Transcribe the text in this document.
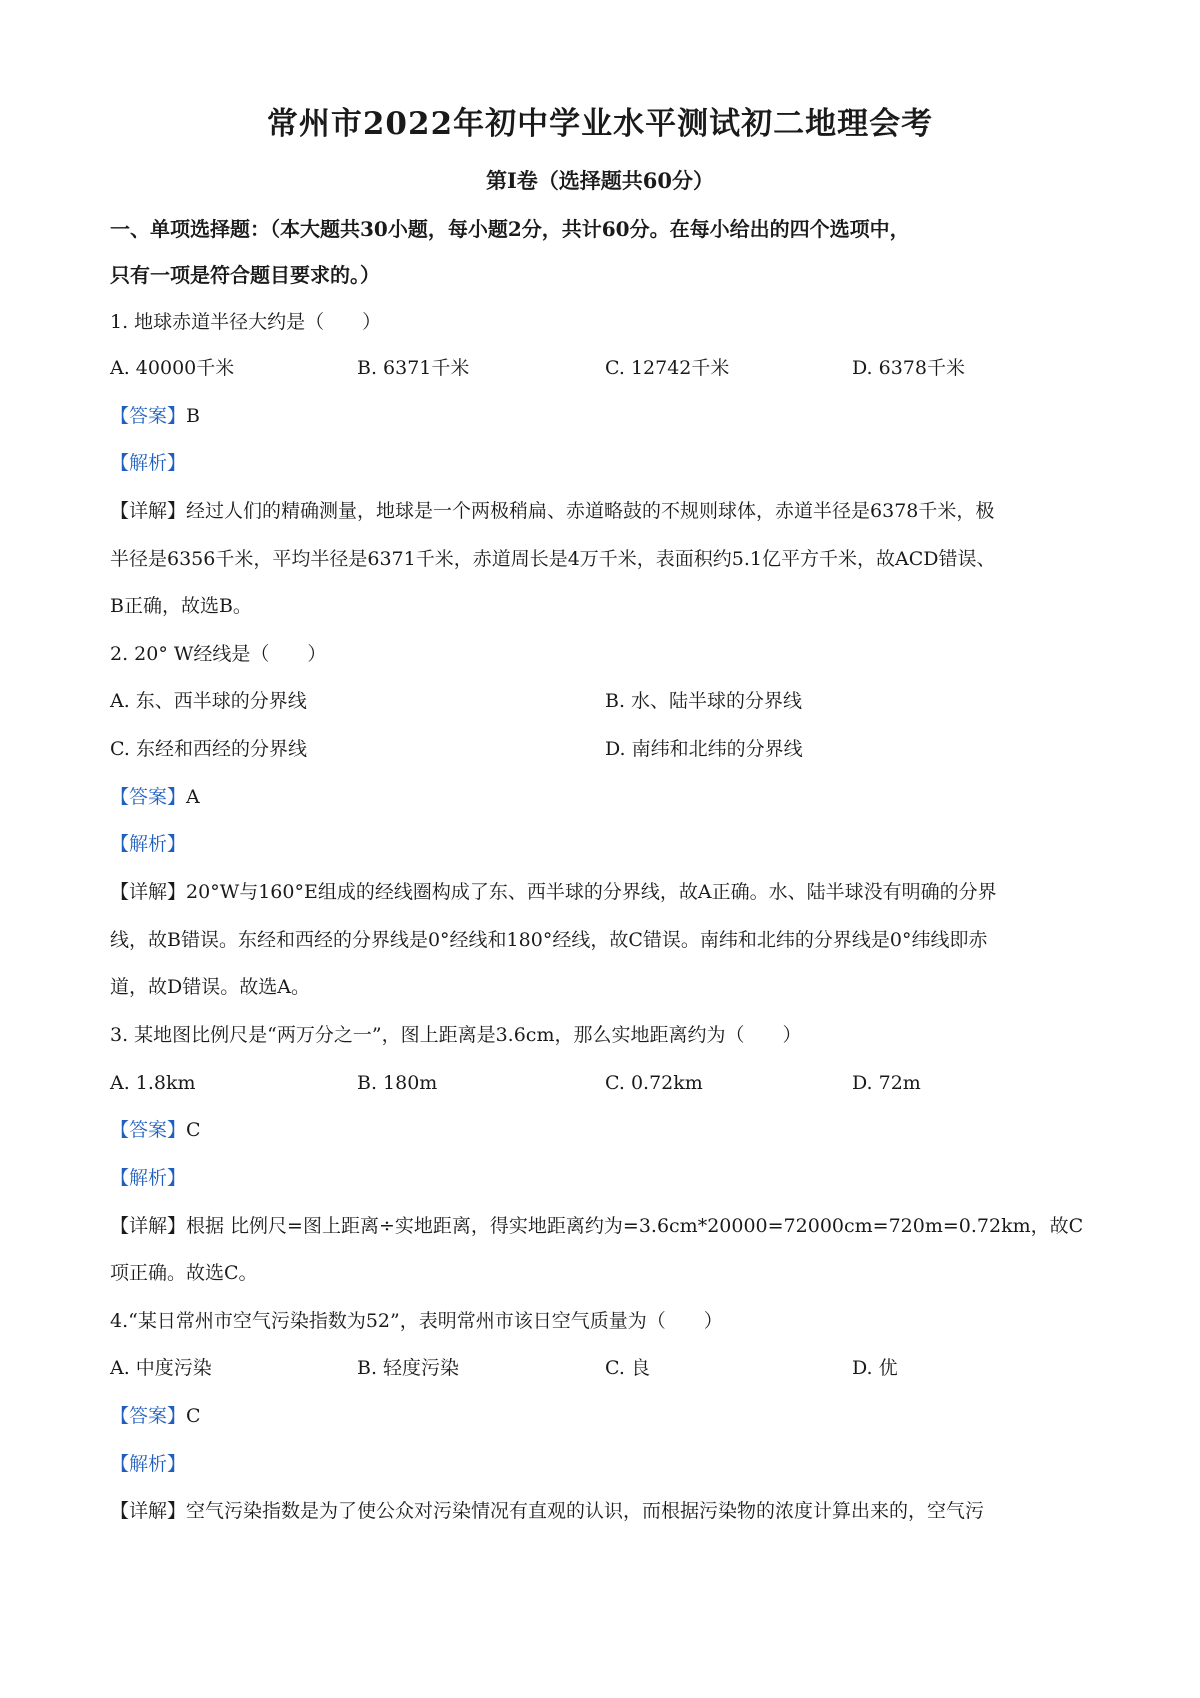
常州市2022年初中学业水平测试初二地理会考
第Ⅰ卷（选择题共60分）
一、单项选择题：（本大题共30小题，每小题2分，共计60分。在每小给出的四个选项中，
只有一项是符合题目要求的。）
1. 地球赤道半径大约是（　　）
A. 40000千米	B. 6371千米	C. 12742千米	D. 6378千米
【答案】B
【解析】
【详解】经过人们的精确测量，地球是一个两极稍扁、赤道略鼓的不规则球体，赤道半径是6378千米，极
半径是6356千米，平均半径是6371千米，赤道周长是4万千米，表面积约5.1亿平方千米，故ACD错误、
B正确，故选B。
2. 20° W经线是（　　）
A. 东、西半球的分界线	B. 水、陆半球的分界线
C. 东经和西经的分界线	D. 南纬和北纬的分界线
【答案】A
【解析】
【详解】20°W与160°E组成的经线圈构成了东、西半球的分界线，故A正确。水、陆半球没有明确的分界
线，故B错误。东经和西经的分界线是0°经线和180°经线，故C错误。南纬和北纬的分界线是0°纬线即赤
道，故D错误。故选A。
3. 某地图比例尺是“两万分之一”，图上距离是3.6cm，那么实地距离约为（　　）
A. 1.8km	B. 180m	C. 0.72km	D. 72m
【答案】C
【解析】
【详解】根据 比例尺=图上距离÷实地距离，得实地距离约为=3.6cm*20000=72000cm=720m=0.72km，故C
项正确。故选C。
4.“某日常州市空气污染指数为52”，表明常州市该日空气质量为（　　）
A. 中度污染	B. 轻度污染	C. 良	D. 优
【答案】C
【解析】
【详解】空气污染指数是为了使公众对污染情况有直观的认识，而根据污染物的浓度计算出来的，空气污
